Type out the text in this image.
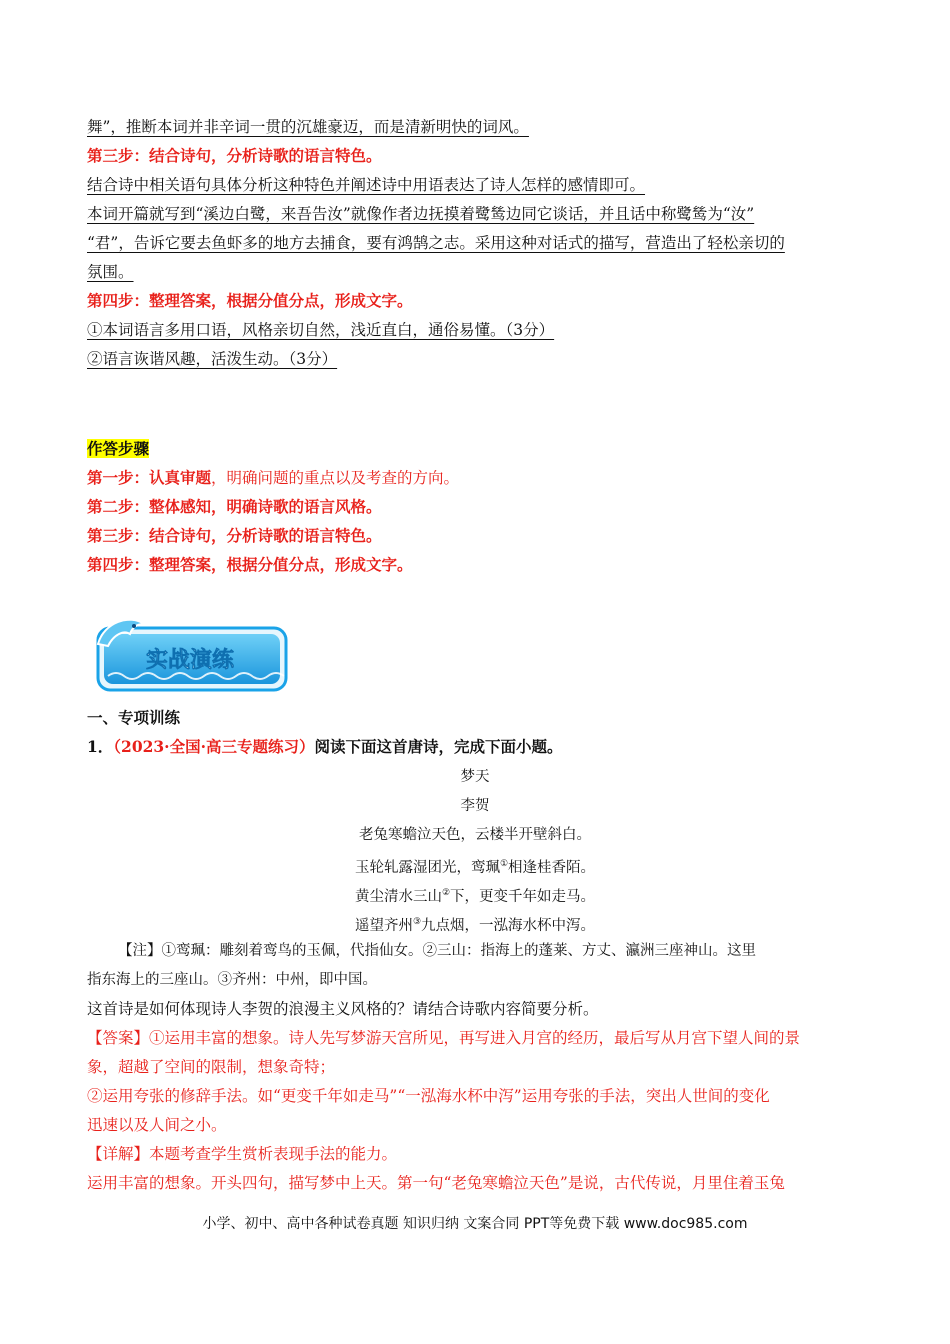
舞”，推断本词并非辛词一贯的沉雄豪迈，而是清新明快的词风。
第三步：结合诗句，分析诗歌的语言特色。
结合诗中相关语句具体分析这种特色并阐述诗中用语表达了诗人怎样的感情即可。
本词开篇就写到“溪边白鹭，来吾告汝”就像作者边抚摸着鹭鸶边同它谈话，并且话中称鹭鸶为“汝”
“君”，告诉它要去鱼虾多的地方去捕食，要有鸿鹄之志。采用这种对话式的描写，营造出了轻松亲切的
氛围。
第四步：整理答案，根据分值分点，形成文字。
①本词语言多用口语，风格亲切自然，浅近直白，通俗易懂。（3分）
②语言诙谐风趣，活泼生动。（3分）
作答步骤
第一步：认真审题，明确问题的重点以及考查的方向。
第二步：整体感知，明确诗歌的语言风格。
第三步：结合诗句，分析诗歌的语言特色。
第四步：整理答案，根据分值分点，形成文字。
实战演练
一、专项训练
1．（2023·全国·高三专题练习）阅读下面这首唐诗，完成下面小题。
梦天
李贺
老兔寒蟾泣天色，云楼半开壁斜白。
玉轮轧露湿团光，鸾珮①相逢桂香陌。
黄尘清水三山②下，更变千年如走马。
遥望齐州③九点烟，一泓海水杯中泻。
【注】①鸾珮：雕刻着鸾鸟的玉佩，代指仙女。②三山：指海上的蓬莱、方丈、瀛洲三座神山。这里
指东海上的三座山。③齐州：中州，即中国。
这首诗是如何体现诗人李贺的浪漫主义风格的？请结合诗歌内容简要分析。
【答案】①运用丰富的想象。诗人先写梦游天宫所见，再写进入月宫的经历，最后写从月宫下望人间的景
象，超越了空间的限制，想象奇特；
②运用夸张的修辞手法。如“更变千年如走马”“一泓海水杯中泻”运用夸张的手法，突出人世间的变化
迅速以及人间之小。
【详解】本题考查学生赏析表现手法的能力。
运用丰富的想象。开头四句，描写梦中上天。第一句“老兔寒蟾泣天色”是说，古代传说，月里住着玉兔
小学、初中、高中各种试卷真题 知识归纳 文案合同 PPT等免费下载 www.doc985.com
